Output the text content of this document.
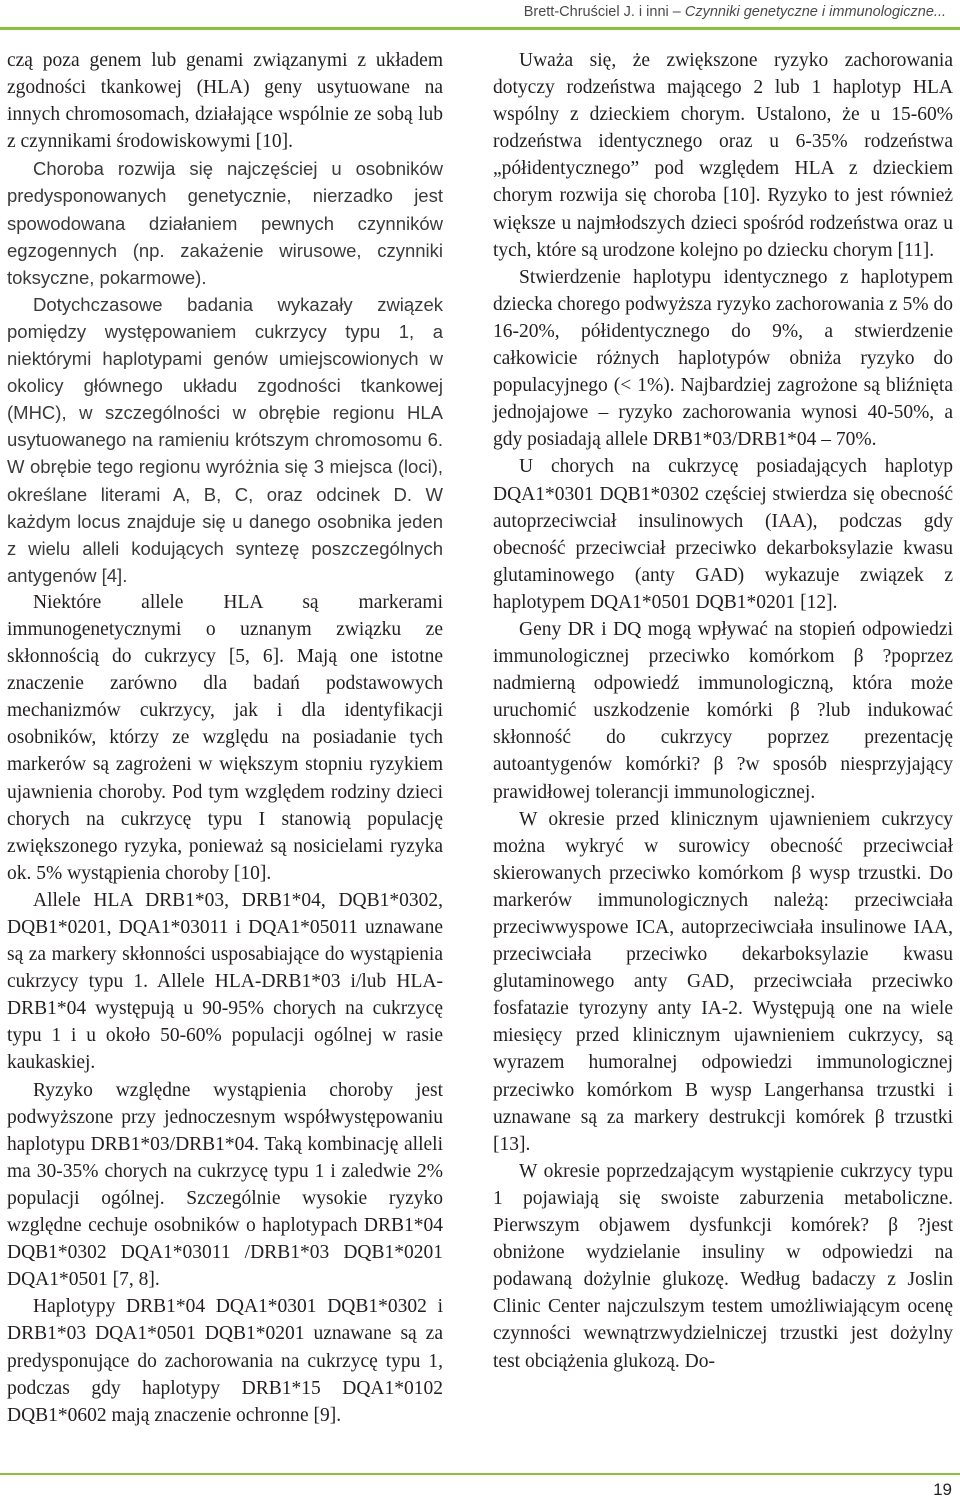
Brett-Chruściel J. i inni – Czynniki genetyczne i immunologiczne...

czą poza genem lub genami związanymi z układem zgodności tkankowej (HLA) geny usytuowane na innych chromosomach, działające wspólnie ze sobą lub z czynnikami środowiskowymi [10].

Choroba rozwija się najczęściej u osobników predysponowanych genetycznie, nierzadko jest spowodowana działaniem pewnych czynników egzogennych (np. zakażenie wirusowe, czynniki toksyczne, pokarmowe).

Dotychczasowe badania wykazały związek pomiędzy występowaniem cukrzycy typu 1, a niektórymi haplotypami genów umiejscowionych w okolicy głównego układu zgodności tkankowej (MHC), w szczególności w obrębie regionu HLA usytuowanego na ramieniu krótszym chromosomu 6. W obrębie tego regionu wyróżnia się 3 miejsca (loci), określane literami A, B, C, oraz odcinek D. W każdym locus znajduje się u danego osobnika jeden z wielu alleli kodujących syntezę poszczególnych antygenów [4].

Niektóre allele HLA są markerami immunogenetycznymi o uznanym związku ze skłonnością do cukrzycy [5, 6]. Mają one istotne znaczenie zarówno dla badań podstawowych mechanizmów cukrzycy, jak i dla identyfikacji osobników, którzy ze względu na posiadanie tych markerów są zagrożeni w większym stopniu ryzykiem ujawnienia choroby. Pod tym względem rodziny dzieci chorych na cukrzycę typu I stanowią populację zwiększonego ryzyka, ponieważ są nosicielami ryzyka ok. 5% wystąpienia choroby [10].

Allele HLA DRB1*03, DRB1*04, DQB1*0302, DQB1*0201, DQA1*03011 i DQA1*05011 uznawane są za markery skłonności usposabiające do wystąpienia cukrzycy typu 1. Allele HLA-DRB1*03 i/lub HLA-DRB1*04 występują u 90-95% chorych na cukrzycę typu 1 i u około 50-60% populacji ogólnej w rasie kaukaskiej.

Ryzyko względne wystąpienia choroby jest podwyższone przy jednoczesnym współwystępowaniu haplotypu DRB1*03/DRB1*04. Taką kombinację alleli ma 30-35% chorych na cukrzycę typu 1 i zaledwie 2% populacji ogólnej. Szczególnie wysokie ryzyko względne cechuje osobników o haplotypach DRB1*04 DQB1*0302 DQA1*03011 /DRB1*03 DQB1*0201 DQA1*0501 [7, 8].

Haplotypy DRB1*04 DQA1*0301 DQB1*0302 i DRB1*03 DQA1*0501 DQB1*0201 uznawane są za predysponujące do zachorowania na cukrzycę typu 1, podczas gdy haplotypy DRB1*15 DQA1*0102 DQB1*0602 mają znaczenie ochronne [9].

Uważa się, że zwiększone ryzyko zachorowania dotyczy rodzeństwa mającego 2 lub 1 haplotyp HLA wspólny z dzieckiem chorym. Ustalono, że u 15-60% rodzeństwa identycznego oraz u 6-35% rodzeństwa „półidentycznego” pod względem HLA z dzieckiem chorym rozwija się choroba [10]. Ryzyko to jest również większe u najmłodszych dzieci spośród rodzeństwa oraz u tych, które są urodzone kolejno po dziecku chorym [11].

Stwierdzenie haplotypu identycznego z haplotypem dziecka chorego podwyższa ryzyko zachorowania z 5% do 16-20%, półidentycznego do 9%, a stwierdzenie całkowicie różnych haplotypów obniża ryzyko do populacyjnego (< 1%). Najbardziej zagrożone są bliźnięta jednojajowe – ryzyko zachorowania wynosi 40-50%, a gdy posiadają allele DRB1*03/DRB1*04 – 70%.

U chorych na cukrzycę posiadających haplotyp DQA1*0301 DQB1*0302 częściej stwierdza się obecność autoprzeciwciał insulinowych (IAA), podczas gdy obecność przeciwciał przeciwko dekarboksylazie kwasu glutaminowego (anty GAD) wykazuje związek z haplotypem DQA1*0501 DQB1*0201 [12].

Geny DR i DQ mogą wpływać na stopień odpowiedzi immunologicznej przeciwko komórkom β ?poprzez nadmierną odpowiedź immunologiczną, która może uruchomić uszkodzenie komórki β ?lub indukować skłonność do cukrzycy poprzez prezentację autoantygenów komórki? β ?w sposób niesprzyjający prawidłowej tolerancji immunologicznej.

W okresie przed klinicznym ujawnieniem cukrzycy można wykryć w surowicy obecność przeciwciał skierowanych przeciwko komórkom β wysp trzustki. Do markerów immunologicznych należą: przeciwciała przeciwwyspowe ICA, autoprzeciwciała insulinowe IAA, przeciwciała przeciwko dekarboksylazie kwasu glutaminowego anty GAD, przeciwciała przeciwko fosfatazie tyrozyny anty IA-2. Występują one na wiele miesięcy przed klinicznym ujawnieniem cukrzycy, są wyrazem humoralnej odpowiedzi immunologicznej przeciwko komórkom B wysp Langerhansa trzustki i uznawane są za markery destrukcji komórek β trzustki [13].

W okresie poprzedzającym wystąpienie cukrzycy typu 1 pojawiają się swoiste zaburzenia metaboliczne. Pierwszym objawem dysfunkcji komórek? β ?jest obniżone wydzielanie insuliny w odpowiedzi na podawaną dożylnie glukozę. Według badaczy z Joslin Clinic Center najczulszym testem umożliwiającym ocenę czynności wewnątrzwydzielniczej trzustki jest dożylny test obciążenia glukozą. Do-

19
